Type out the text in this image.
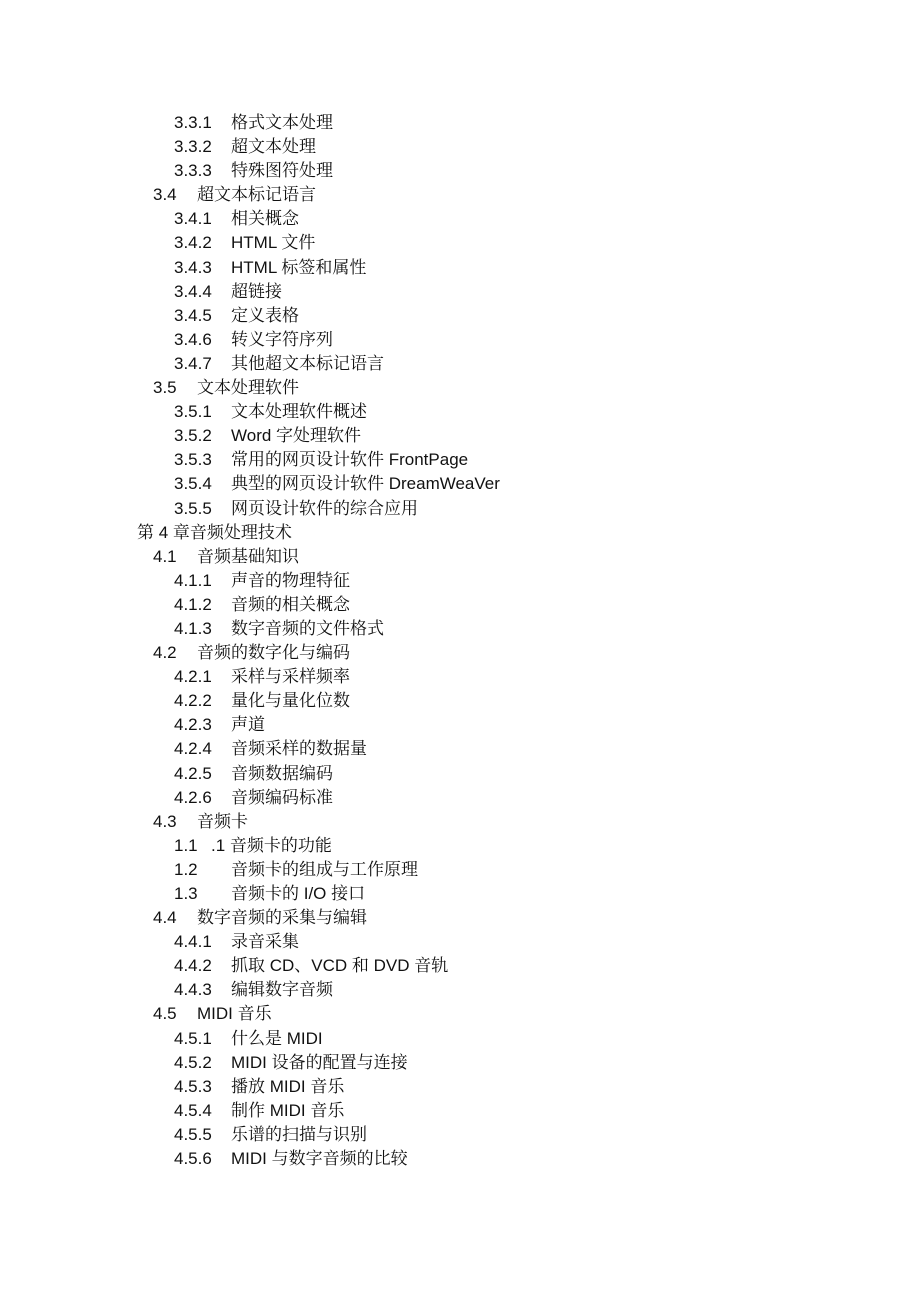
3.3.1 格式文本处理
3.3.2 超文本处理
3.3.3 特殊图符处理
3.4 超文本标记语言
3.4.1 相关概念
3.4.2 HTML 文件
3.4.3 HTML 标签和属性
3.4.4 超链接
3.4.5 定义表格
3.4.6 转义字符序列
3.4.7 其他超文本标记语言
3.5 文本处理软件
3.5.1 文本处理软件概述
3.5.2 Word 字处理软件
3.5.3 常用的网页设计软件 FrontPage
3.5.4 典型的网页设计软件 DreamWeaVer
3.5.5 网页设计软件的综合应用
第 4 章音频处理技术
4.1 音频基础知识
4.1.1 声音的物理特征
4.1.2 音频的相关概念
4.1.3 数字音频的文件格式
4.2 音频的数字化与编码
4.2.1 采样与采样频率
4.2.2 量化与量化位数
4.2.3 声道
4.2.4 音频采样的数据量
4.2.5 音频数据编码
4.2.6 音频编码标准
4.3 音频卡
1.1 .1 音频卡的功能
1.2 音频卡的组成与工作原理
1.3 音频卡的 I/O 接口
4.4 数字音频的采集与编辑
4.4.1 录音采集
4.4.2 抓取 CD、VCD 和 DVD 音轨
4.4.3 编辑数字音频
4.5 MIDI 音乐
4.5.1 什么是 MIDI
4.5.2 MIDI 设备的配置与连接
4.5.3 播放 MIDI 音乐
4.5.4 制作 MIDI 音乐
4.5.5 乐谱的扫描与识别
4.5.6 MIDI 与数字音频的比较
